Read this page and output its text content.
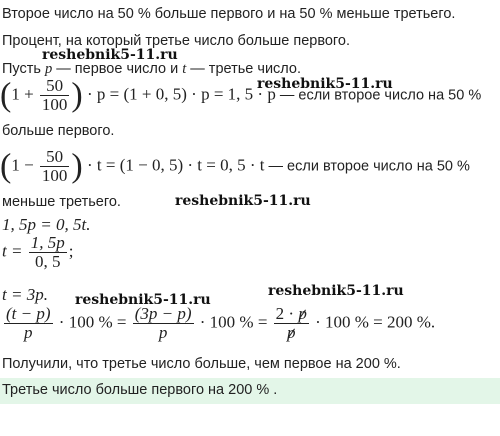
Второе число на 50 % больше первого и на 50 % меньше третьего.
Процент, на который третье число больше первого.
reshebnik5-11.ru
Пусть p — первое число и t — третье число.
reshebnik5-11.ru
($1 + \frac{50}{100}$ ) · p = (1 + 0, 5) · p = 1, 5 · p — если второе число на 50 %
больше первого.
($1 - \frac{50}{100}$ ) · t = (1 − 0, 5) · t = 0, 5 · t — если второе число на 50 %
меньше третьего.	reshebnik5-11.ru
1, 5p = 0, 5t.
$t = \frac{1, 5p}{0, 5}$ ;
t = 3p.	reshebnik5-11.ru
reshebnik5-11.ru
$\frac{(t - p)}{p} \cdot 100$ % = $\frac{(3p - p)}{p} \cdot 100$ % = $\frac{2 \cdot p}{p} \cdot 100$ % = 200 %.
Получили, что третье число больше, чем первое на 200 %.
Третье число больше первого на 200 % .
